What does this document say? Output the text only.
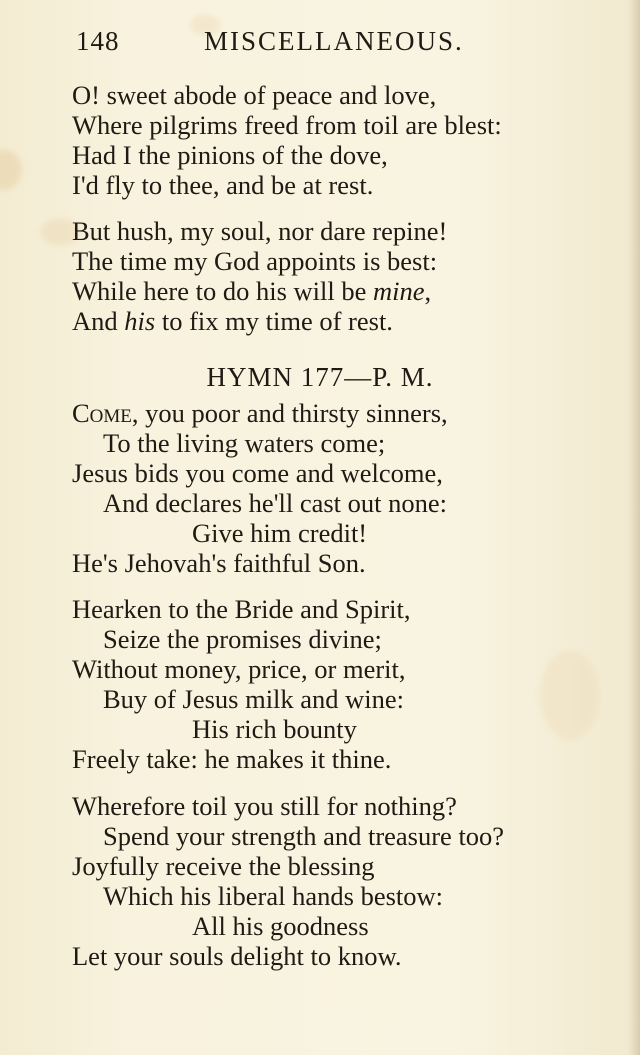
148	MISCELLANEOUS.
O! sweet abode of peace and love,
Where pilgrims freed from toil are blest:
Had I the pinions of the dove,
I'd fly to thee, and be at rest.
But hush, my soul, nor dare repine!
The time my God appoints is best:
While here to do his will be mine,
And his to fix my time of rest.
HYMN 177—P. M.
Come, you poor and thirsty sinners,
To the living waters come;
Jesus bids you come and welcome,
And declares he'll cast out none:
Give him credit!
He's Jehovah's faithful Son.
Hearken to the Bride and Spirit,
Seize the promises divine;
Without money, price, or merit,
Buy of Jesus milk and wine:
His rich bounty
Freely take: he makes it thine.
Wherefore toil you still for nothing?
Spend your strength and treasure too?
Joyfully receive the blessing
Which his liberal hands bestow:
All his goodness
Let your souls delight to know.
